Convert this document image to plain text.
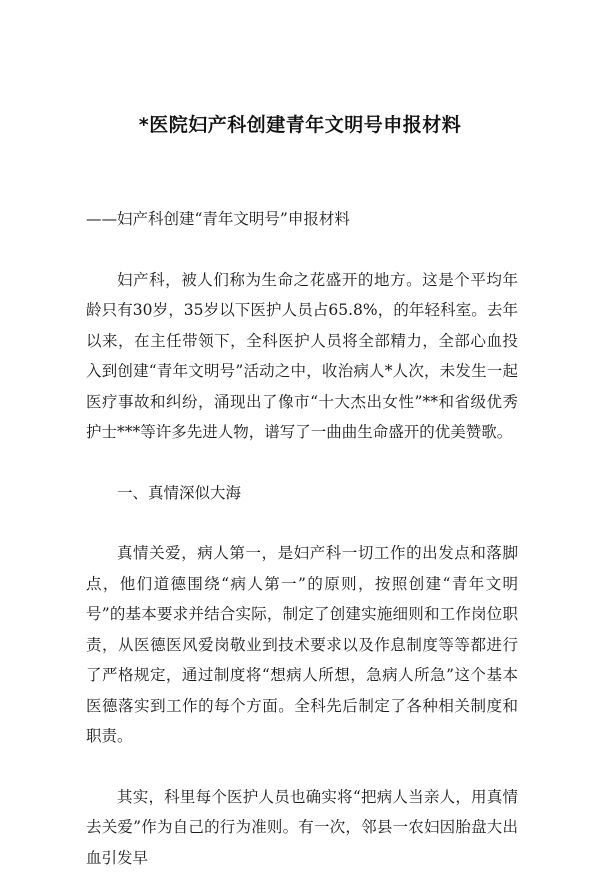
*医院妇产科创建青年文明号申报材料

——妇产科创建“青年文明号”申报材料

妇产科，被人们称为生命之花盛开的地方。这是个平均年龄只有30岁，35岁以下医护人员占65.8%，的年轻科室。去年以来，在主任带领下，全科医护人员将全部精力，全部心血投入到创建“青年文明号”活动之中，收治病人*人次，未发生一起医疗事故和纠纷，涌现出了像市“十大杰出女性”**和省级优秀护士***等许多先进人物，谱写了一曲曲生命盛开的优美赞歌。

一、真情深似大海

真情关爱，病人第一，是妇产科一切工作的出发点和落脚点，他们道德围绕“病人第一”的原则，按照创建“青年文明号”的基本要求并结合实际，制定了创建实施细则和工作岗位职责，从医德医风爱岗敬业到技术要求以及作息制度等等都进行了严格规定，通过制度将“想病人所想，急病人所急”这个基本医德落实到工作的每个方面。全科先后制定了各种相关制度和职责。

其实，科里每个医护人员也确实将“把病人当亲人，用真情去关爱”作为自己的行为准则。有一次，邻县一农妇因胎盘大出血引发早
